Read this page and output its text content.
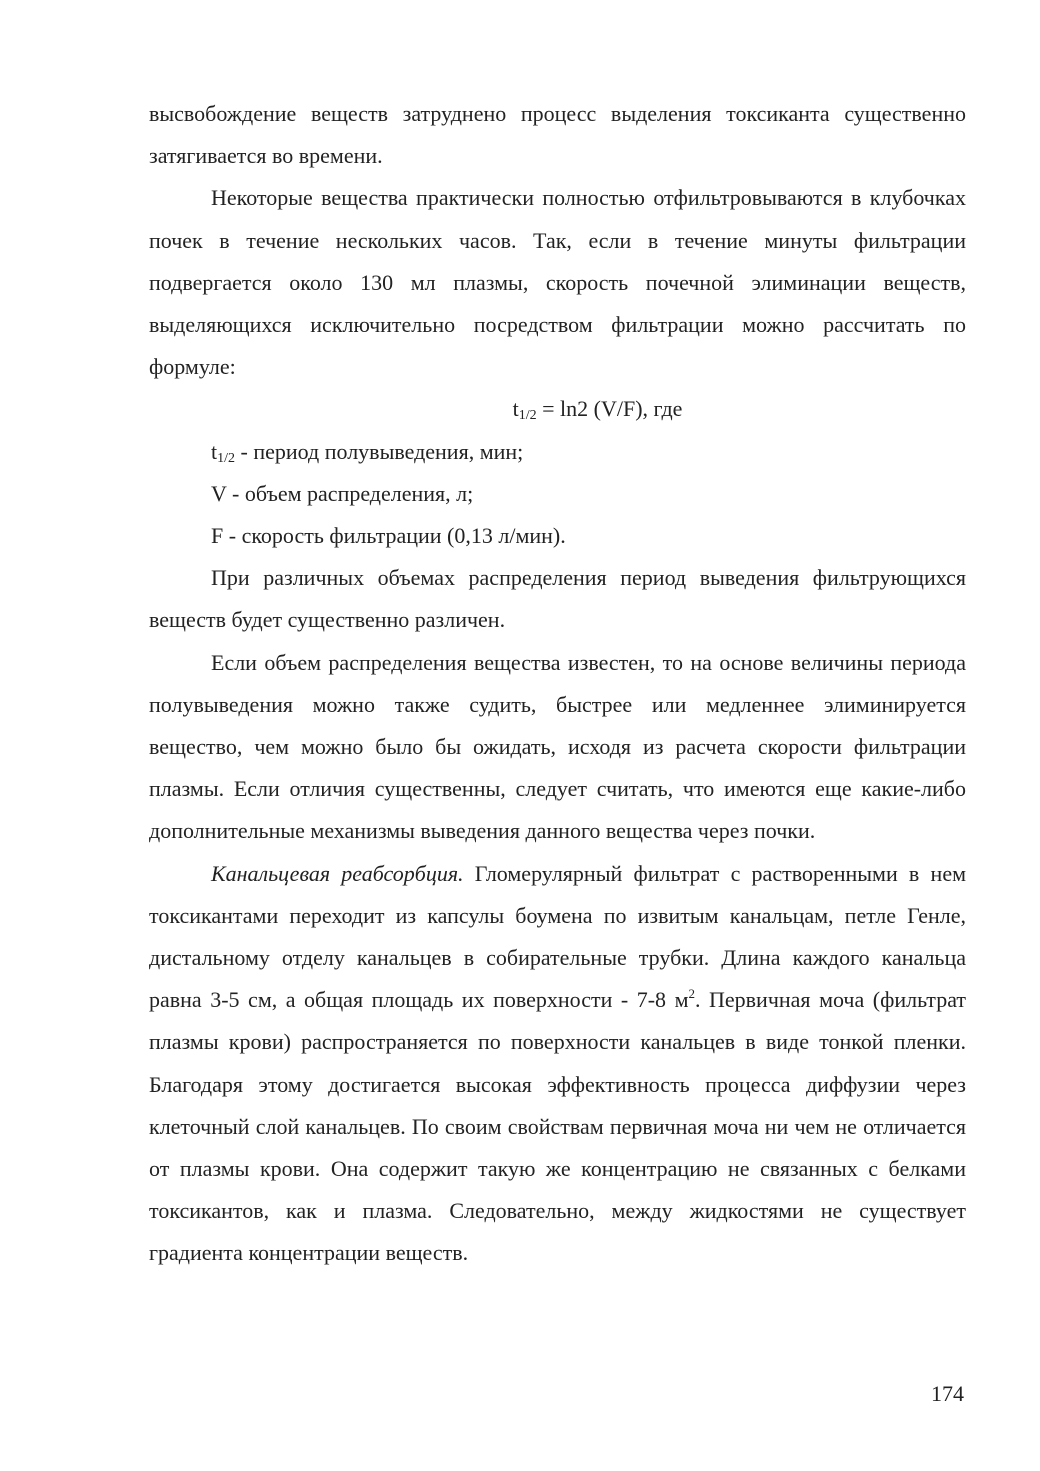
высвобождение веществ затруднено процесс выделения токсиканта существенно затягивается во времени.

Некоторые вещества практически полностью отфильтровываются в клубочках почек в течение нескольких часов. Так, если в течение минуты фильтрации подвергается около 130 мл плазмы, скорость почечной элиминации веществ, выделяющихся исключительно посредством фильтрации можно рассчитать по формуле:

$t_{1/2} = \ln 2$ (V/F), где

$t_{1/2}$ - период полувыведения, мин;

V - объем распределения, л;

F - скорость фильтрации (0,13 л/мин).

При различных объемах распределения период выведения фильтрующихся веществ будет существенно различен.

Если объем распределения вещества известен, то на основе величины периода полувыведения можно также судить, быстрее или медленнее элиминируется вещество, чем можно было бы ожидать, исходя из расчета скорости фильтрации плазмы. Если отличия существенны, следует считать, что имеются еще какие-либо дополнительные механизмы выведения данного вещества через почки.

Канальцевая реабсорбция. Гломерулярный фильтрат с растворенными в нем токсикантами переходит из капсулы боумена по извитым канальцам, петле Генле, дистальному отделу канальцев в собирательные трубки. Длина каждого канальца равна 3-5 см, а общая площадь их поверхности - 7-8 $м^2$. Первичная моча (фильтрат плазмы крови) распространяется по поверхности канальцев в виде тонкой пленки. Благодаря этому достигается высокая эффективность процесса диффузии через клеточный слой канальцев. По своим свойствам первичная моча ни чем не отличается от плазмы крови. Она содержит такую же концентрацию не связанных с белками токсикантов, как и плазма. Следовательно, между жидкостями не существует градиента концентрации веществ.

174
